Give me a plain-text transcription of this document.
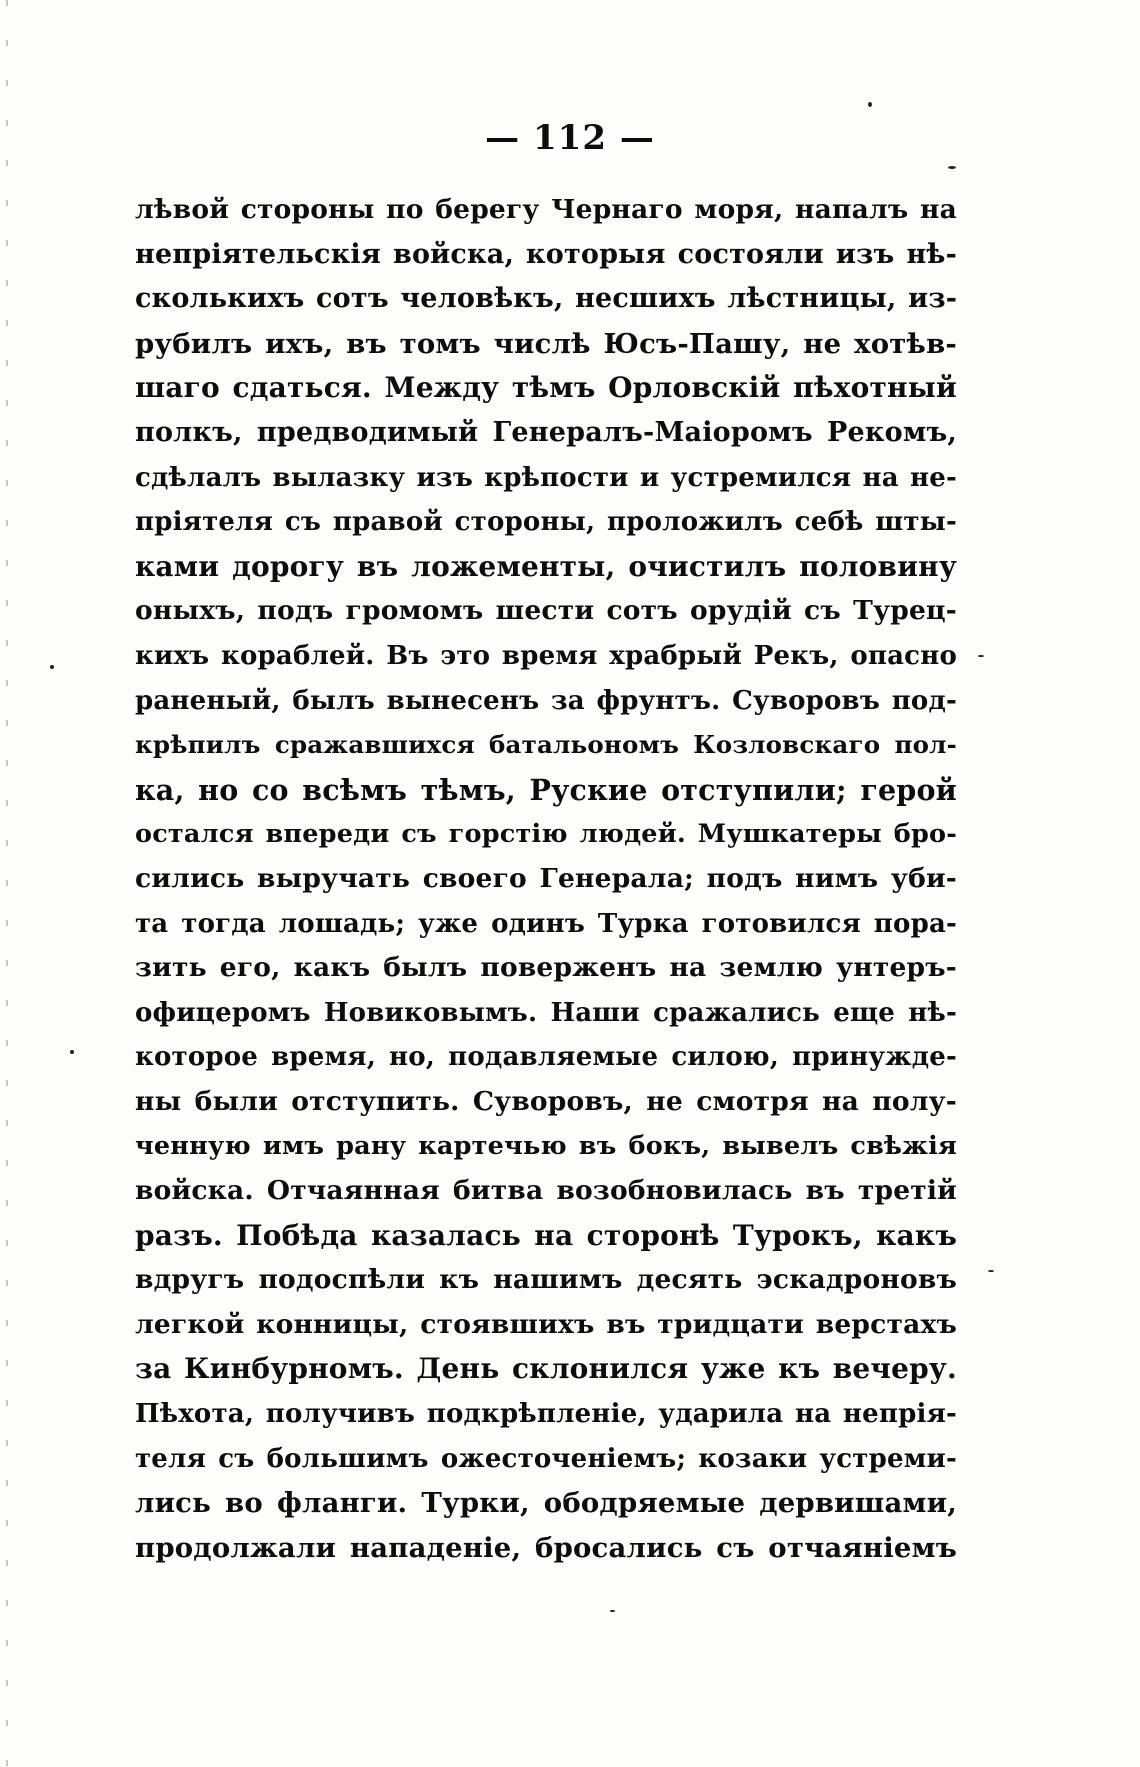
— 112 —
лѣвой стороны по берегу Чернаго моря, напалъ на
непріятельскія войска, которыя состояли изъ нѣ-
сколькихъ сотъ человѣкъ, несшихъ лѣстницы, из-
рубилъ ихъ, въ томъ числѣ Юсъ-Пашу, не хотѣв-
шаго сдаться. Между тѣмъ Орловскій пѣхотный
полкъ, предводимый Генералъ-Маіоромъ Рекомъ,
сдѣлалъ вылазку изъ крѣпости и устремился на не-
пріятеля съ правой стороны, проложилъ себѣ шты-
ками дорогу въ ложементы, очистилъ половину
оныхъ, подъ громомъ шести сотъ орудій съ Турец-
кихъ кораблей. Въ это время храбрый Рекъ, опасно
раненый, былъ вынесенъ за фрунтъ. Суворовъ под-
крѣпилъ сражавшихся батальономъ Козловскаго пол-
ка, но со всѣмъ тѣмъ, Руские отступили; герой
остался впереди съ горстію людей. Мушкатеры бро-
сились выручать своего Генерала; подъ нимъ уби-
та тогда лошадь; уже одинъ Турка готовился пора-
зить его, какъ былъ поверженъ на землю унтеръ-
офицеромъ Новиковымъ. Наши сражались еще нѣ-
которое время, но, подавляемые силою, принужде-
ны были отступить. Суворовъ, не смотря на полу-
ченную имъ рану картечью въ бокъ, вывелъ свѣжія
войска. Отчаянная битва возобновилась въ третій
разъ. Побѣда казалась на сторонѣ Турокъ, какъ
вдругъ подоспѣли къ нашимъ десять эскадроновъ
легкой конницы, стоявшихъ въ тридцати верстахъ
за Кинбурномъ. День склонился уже къ вечеру.
Пѣхота, получивъ подкрѣпленіе, ударила на непрія-
теля съ большимъ ожесточеніемъ; козаки устреми-
лись во фланги. Турки, ободряемые дервишами,
продолжали нападеніе, бросались съ отчаяніемъ
